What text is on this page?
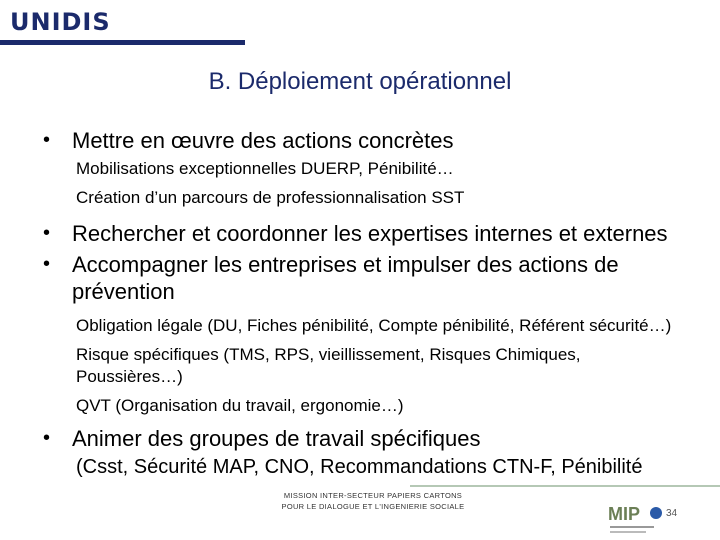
UNIDIS
B. Déploiement opérationnel
• Mettre en œuvre des actions concrètes
Mobilisations exceptionnelles DUERP, Pénibilité…
Création d’un parcours de professionnalisation SST
• Rechercher et coordonner les expertises internes et externes
• Accompagner les entreprises et impulser des actions de prévention
Obligation légale (DU, Fiches pénibilité, Compte pénibilité, Référent sécurité…)
Risque spécifiques (TMS, RPS, vieillissement, Risques Chimiques, Poussières…)
QVT (Organisation du travail, ergonomie…)
• Animer des groupes de travail spécifiques
(Csst, Sécurité MAP, CNO, Recommandations CTN-F, Pénibilité
MISSION INTER-SECTEUR PAPIERS CARTONS
POUR LE DIALOGUE ET L'INGENIERIE SOCIALE	MIP	34
